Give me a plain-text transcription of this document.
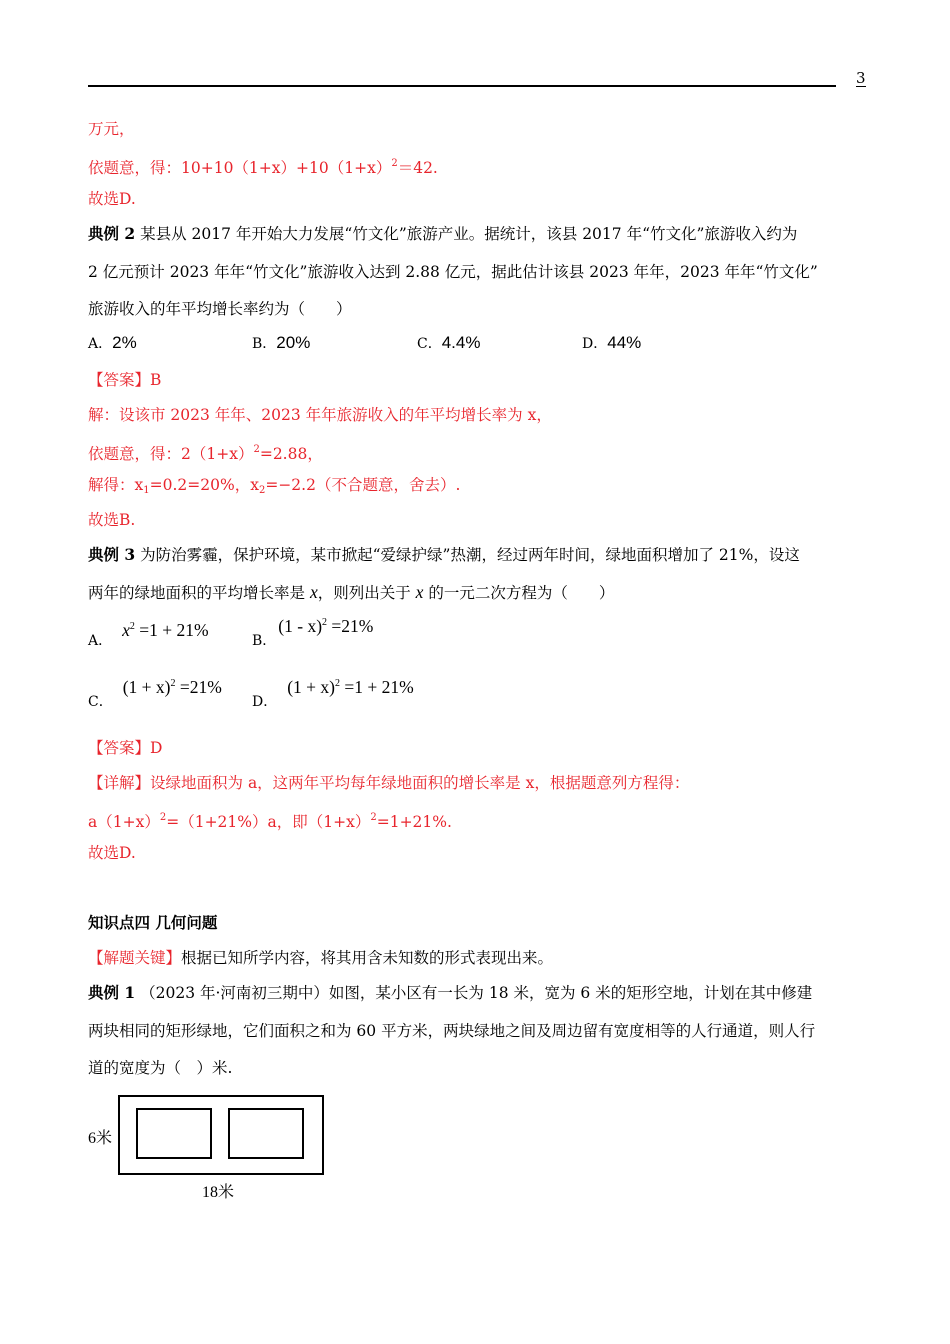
3
万元，
依题意，得：$10+10(1+x)+10(1+x)^2=42$.
故选D.
典例 2 某县从 2017 年开始大力发展“竹文化”旅游产业。据统计，该县 2017 年“竹文化”旅游收入约为
2 亿元预计 2023 年年“竹文化”旅游收入达到 2.88 亿元，据此估计该县 2023 年年，2023 年年“竹文化”
旅游收入的年平均增长率约为（　　）
A．2%	B．20%	C．4.4%	D．44%
【答案】B
解：设该市 2023 年年、2023 年年旅游收入的年平均增长率为 x，
依题意，得：$2(1+x)^2=2.88$，
解得：$x_1=0.2=20\%$，$x_2=-2.2$（不合题意，舍去）.
故选B.
典例 3 为防治雾霾，保护环境，某市掀起“爱绿护绿”热潮，经过两年时间，绿地面积增加了 21%，设这
两年的绿地面积的平均增长率是 x，则列出关于 x 的一元二次方程为（　　）
A．$x^2 =1 + 21\%$
B．(1 - x)$^2$ =21%
C．$(1 + x)^2 =21\%$
D．$(1 + x)^2 =1 + 21\%$
【答案】D
【详解】设绿地面积为 a，这两年平均每年绿地面积的增长率是 x，根据题意列方程得：
$a(1+x)^2=(1+21\%)a$，即$(1+x)^2=1+21\%$.
故选D.
知识点四 几何问题
【解题关键】根据已知所学内容，将其用含未知数的形式表现出来。
典例 1 （2023 年·河南初三期中）如图，某小区有一长为 18 米，宽为 6 米的矩形空地，计划在其中修建
两块相同的矩形绿地，它们面积之和为 60 平方米，两块绿地之间及周边留有宽度相等的人行通道，则人行
道的宽度为（　）米.
6米
18米
